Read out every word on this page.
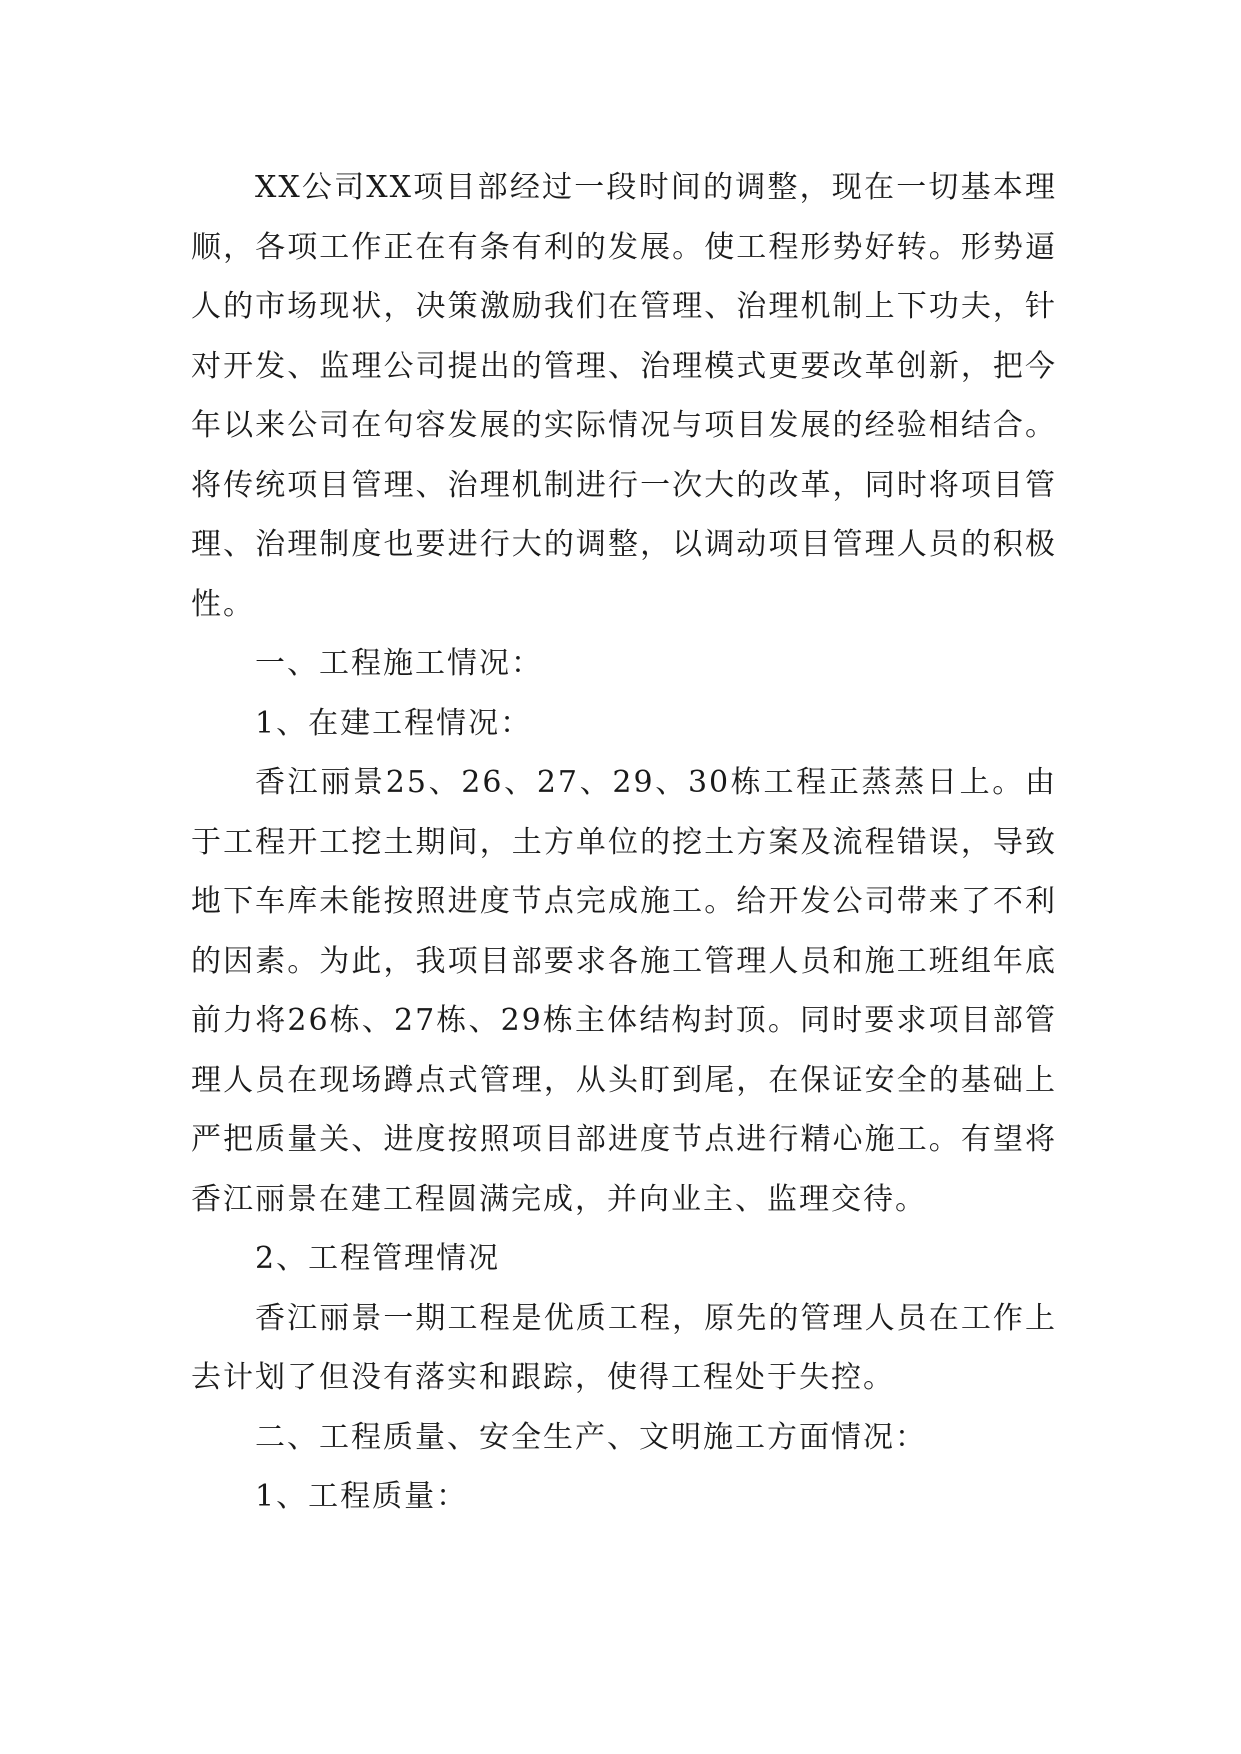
XX公司XX项目部经过一段时间的调整，现在一切基本理顺，各项工作正在有条有利的发展。使工程形势好转。形势逼人的市场现状，决策激励我们在管理、治理机制上下功夫，针对开发、监理公司提出的管理、治理模式更要改革创新，把今年以来公司在句容发展的实际情况与项目发展的经验相结合。将传统项目管理、治理机制进行一次大的改革，同时将项目管理、治理制度也要进行大的调整，以调动项目管理人员的积极性。

一、工程施工情况：

1、在建工程情况：

香江丽景25、26、27、29、30栋工程正蒸蒸日上。由于工程开工挖土期间，土方单位的挖土方案及流程错误，导致地下车库未能按照进度节点完成施工。给开发公司带来了不利的因素。为此，我项目部要求各施工管理人员和施工班组年底前力将26栋、27栋、29栋主体结构封顶。同时要求项目部管理人员在现场蹲点式管理，从头盯到尾，在保证安全的基础上严把质量关、进度按照项目部进度节点进行精心施工。有望将香江丽景在建工程圆满完成，并向业主、监理交待。

2、工程管理情况

香江丽景一期工程是优质工程，原先的管理人员在工作上去计划了但没有落实和跟踪，使得工程处于失控。

二、工程质量、安全生产、文明施工方面情况：

1、工程质量：
